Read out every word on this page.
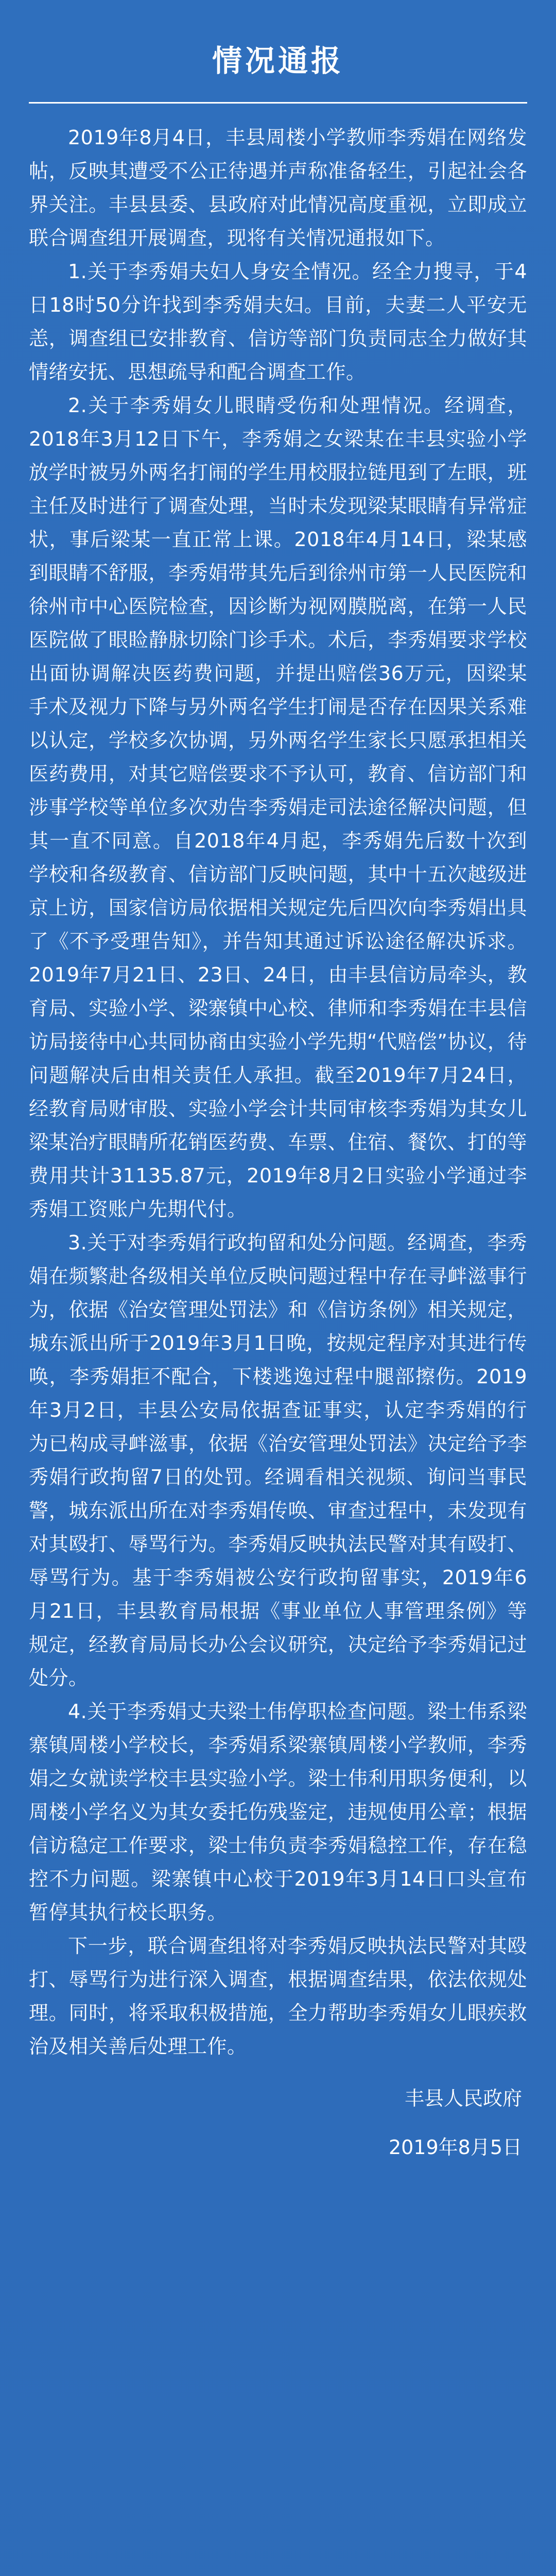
情况通报

2019年8月4日，丰县周楼小学教师李秀娟在网络发帖，反映其遭受不公正待遇并声称准备轻生，引起社会各界关注。丰县县委、县政府对此情况高度重视，立即成立联合调查组开展调查，现将有关情况通报如下。

1.关于李秀娟夫妇人身安全情况。经全力搜寻，于4日18时50分许找到李秀娟夫妇。目前，夫妻二人平安无恙，调查组已安排教育、信访等部门负责同志全力做好其情绪安抚、思想疏导和配合调查工作。

2.关于李秀娟女儿眼睛受伤和处理情况。经调查，2018年3月12日下午，李秀娟之女梁某在丰县实验小学放学时被另外两名打闹的学生用校服拉链甩到了左眼，班主任及时进行了调查处理，当时未发现梁某眼睛有异常症状，事后梁某一直正常上课。2018年4月14日，梁某感到眼睛不舒服，李秀娟带其先后到徐州市第一人民医院和徐州市中心医院检查，因诊断为视网膜脱离，在第一人民医院做了眼睑静脉切除门诊手术。术后，李秀娟要求学校出面协调解决医药费问题，并提出赔偿36万元，因梁某手术及视力下降与另外两名学生打闹是否存在因果关系难以认定，学校多次协调，另外两名学生家长只愿承担相关医药费用，对其它赔偿要求不予认可，教育、信访部门和涉事学校等单位多次劝告李秀娟走司法途径解决问题，但其一直不同意。自2018年4月起，李秀娟先后数十次到学校和各级教育、信访部门反映问题，其中十五次越级进京上访，国家信访局依据相关规定先后四次向李秀娟出具了《不予受理告知》，并告知其通过诉讼途径解决诉求。2019年7月21日、23日、24日，由丰县信访局牵头，教育局、实验小学、梁寨镇中心校、律师和李秀娟在丰县信访局接待中心共同协商由实验小学先期“代赔偿”协议，待问题解决后由相关责任人承担。截至2019年7月24日，经教育局财审股、实验小学会计共同审核李秀娟为其女儿梁某治疗眼睛所花销医药费、车票、住宿、餐饮、打的等费用共计31135.87元，2019年8月2日实验小学通过李秀娟工资账户先期代付。

3.关于对李秀娟行政拘留和处分问题。经调查，李秀娟在频繁赴各级相关单位反映问题过程中存在寻衅滋事行为，依据《治安管理处罚法》和《信访条例》相关规定，城东派出所于2019年3月1日晚，按规定程序对其进行传唤，李秀娟拒不配合，下楼逃逸过程中腿部擦伤。2019年3月2日，丰县公安局依据查证事实，认定李秀娟的行为已构成寻衅滋事，依据《治安管理处罚法》决定给予李秀娟行政拘留7日的处罚。经调看相关视频、询问当事民警，城东派出所在对李秀娟传唤、审查过程中，未发现有对其殴打、辱骂行为。李秀娟反映执法民警对其有殴打、辱骂行为。基于李秀娟被公安行政拘留事实，2019年6月21日，丰县教育局根据《事业单位人事管理条例》等规定，经教育局局长办公会议研究，决定给予李秀娟记过处分。

4.关于李秀娟丈夫梁士伟停职检查问题。梁士伟系梁寨镇周楼小学校长，李秀娟系梁寨镇周楼小学教师，李秀娟之女就读学校丰县实验小学。梁士伟利用职务便利，以周楼小学名义为其女委托伤残鉴定，违规使用公章；根据信访稳定工作要求，梁士伟负责李秀娟稳控工作，存在稳控不力问题。梁寨镇中心校于2019年3月14日口头宣布暂停其执行校长职务。

下一步，联合调查组将对李秀娟反映执法民警对其殴打、辱骂行为进行深入调查，根据调查结果，依法依规处理。同时，将采取积极措施，全力帮助李秀娟女儿眼疾救治及相关善后处理工作。

丰县人民政府
2019年8月5日
